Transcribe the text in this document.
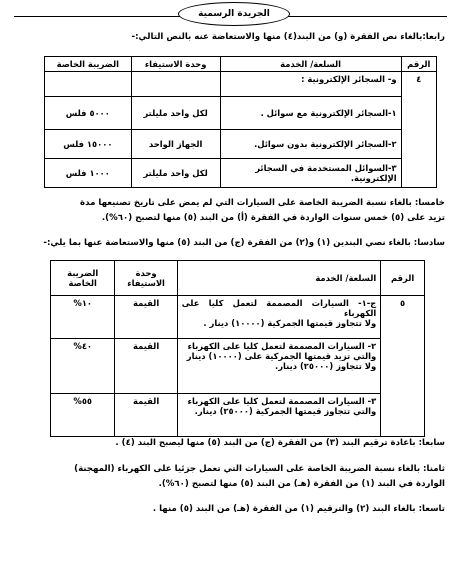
الجريدة الرسمية
رابعا:بالغاء نص الفقرة (و) من البند(٤) منها والاستعاضة عنه بالنص التالي:-
الرقم	السلعة/ الخدمة	وحدة الاستيفاء	الضريبة الخاصة
٤	و- السجائر الإلكترونية :		
	١-السجائر الإلكترونية مع سوائل .	لكل واحد مليلتر	٥٠٠٠ فلس
	٢-السجائر الإلكترونية بدون سوائل.	الجهاز الواحد	١٥٠٠٠ فلس
	٣-السوائل المستخدمة في السجائر الإلكترونية.	لكل واحد مليلتر	١٠٠٠ فلس
خامسا: بالغاء نسبة الضريبة الخاصة على السيارات التي لم يمض على تاريخ تصنيعها مدة
تزيد على (٥) خمس سنوات الواردة في الفقرة (أ) من البند (٥) منها لتصبح (٦٠%).
سادسا: بالغاء نصي البندين (١) و(٢) من الفقرة (ج) من البند (٥) منها والاستعاضة عنها بما يلي:-
الرقم	السلعة/ الخدمة	وحدة الاستيفاء	الضريبة الخاصة
٥	ج-١- السيارات المصممة لتعمل كليا على الكهرباء
ولا تتجاوز قيمتها الجمركية (١٠٠٠٠) دينار .	القيمة	١٠%

	٢- السيارات المصممة لتعمل كليا على الكهرباء
والتي تزيد قيمتها الجمركية على (١٠٠٠٠) دينار
ولا تتجاوز (٢٥٠٠٠) دينار.	القيمة	٤٠%

	٣- السيارات المصممة لتعمل كليا على الكهرباء
والتي تتجاوز قيمتها الجمركية (٢٥٠٠٠) دينار.	القيمة	٥٥%
سابعا: باعادة ترقيم البند (٣) من الفقرة (ج) من البند (٥) منها ليصبح البند (٤) .
ثامنا: بالغاء نسبة الضريبة الخاصة على السيارات التي تعمل جزئيا على الكهرباء (المهجنة)
الواردة في البند (١) من الفقرة (هـ) من البند (٥) منها لتصبح (٦٠%).
تاسعا: بالغاء البند (٢) والترقيم (١) من الفقرة (هـ) من البند (٥) منها .
